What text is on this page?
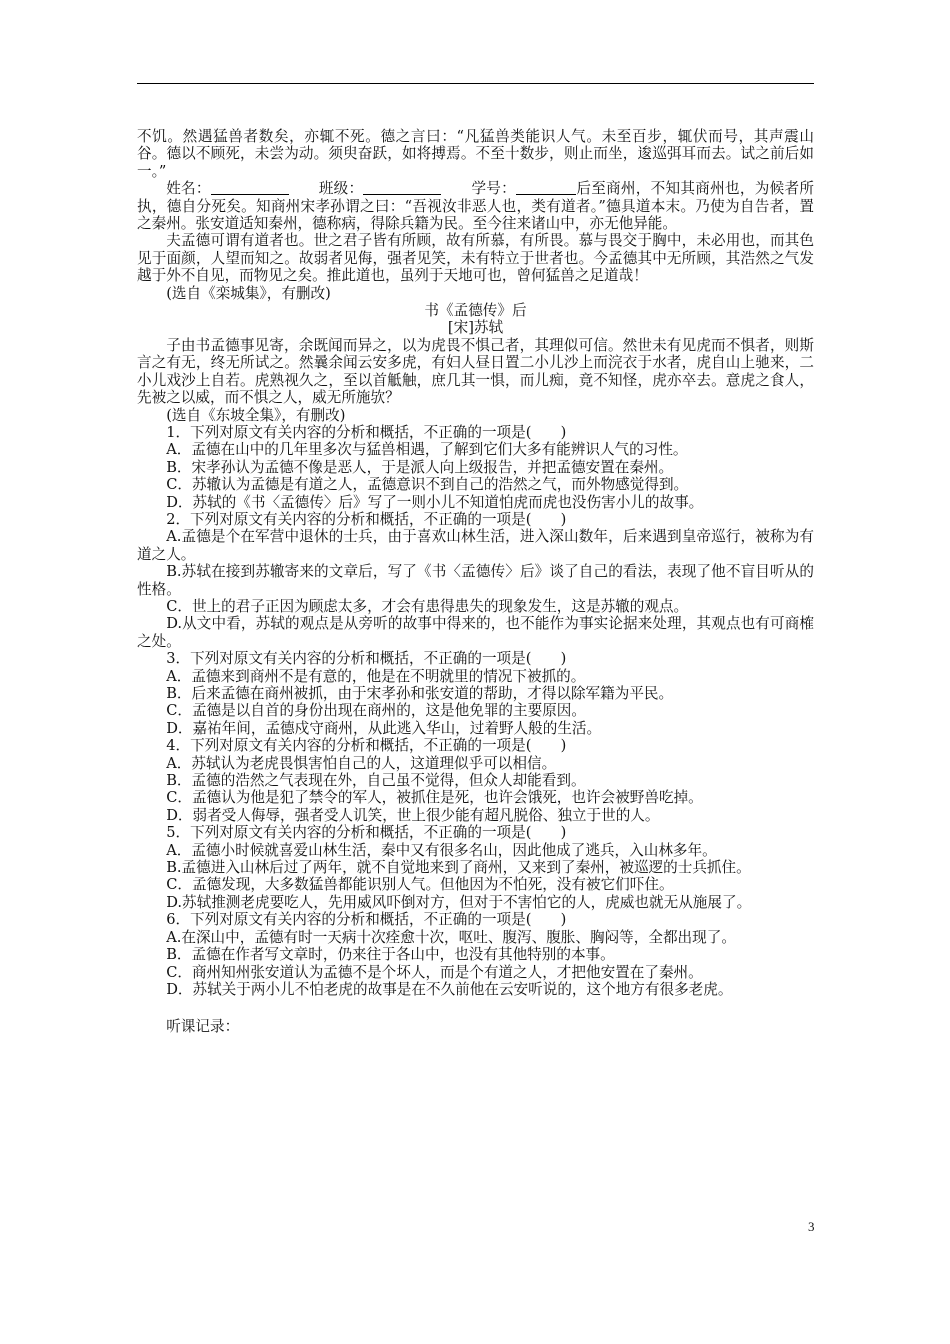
不饥。然遇猛兽者数矣，亦辄不死。德之言曰：“凡猛兽类能识人气。未至百步，辄伏而号，其声震山谷。德以不顾死，未尝为动。须臾奋跃，如将搏焉。不至十数步，则止而坐，逡巡弭耳而去。试之前后如一。”

姓名：　　	班级：　　	学号：	后至商州，不知其商州也，为候者所执，德自分死矣。知商州宋孝孙谓之曰：“吾视汝非恶人也，类有道者。”德具道本末。乃使为自告者，置之秦州。张安道适知秦州，德称病，得除兵籍为民。至今往来诸山中，亦无他异能。

夫孟德可谓有道者也。世之君子皆有所顾，故有所慕，有所畏。慕与畏交于胸中，未必用也，而其色见于面颜，人望而知之。故弱者见侮，强者见笑，未有特立于世者也。今孟德其中无所顾，其浩然之气发越于外不自见，而物见之矣。推此道也，虽列于天地可也，曾何猛兽之足道哉！

(选自《栾城集》，有删改)

书《孟德传》后

[宋]苏轼

子由书孟德事见寄，余既闻而异之，以为虎畏不惧己者，其理似可信。然世未有见虎而不惧者，则斯言之有无，终无所试之。然曩余闻云安多虎，有妇人昼日置二小儿沙上而浣衣于水者，虎自山上驰来，二小儿戏沙上自若。虎熟视久之，至以首觝触，庶几其一惧，而儿痴，竟不知怪，虎亦卒去。意虎之食人，先被之以威，而不惧之人，威无所施欤？

(选自《东坡全集》，有删改)

1．下列对原文有关内容的分析和概括，不正确的一项是(　　)

A．孟德在山中的几年里多次与猛兽相遇，了解到它们大多有能辨识人气的习性。

B．宋孝孙认为孟德不像是恶人，于是派人向上级报告，并把孟德安置在秦州。

C．苏辙认为孟德是有道之人，孟德意识不到自己的浩然之气，而外物感觉得到。

D．苏轼的《书〈孟德传〉后》写了一则小儿不知道怕虎而虎也没伤害小儿的故事。

2．下列对原文有关内容的分析和概括，不正确的一项是(　　)

A.孟德是个在军营中退休的士兵，由于喜欢山林生活，进入深山数年，后来遇到皇帝巡行，被称为有道之人。

B.苏轼在接到苏辙寄来的文章后，写了《书〈孟德传〉后》谈了自己的看法，表现了他不盲目听从的性格。

C．世上的君子正因为顾虑太多，才会有患得患失的现象发生，这是苏辙的观点。

D.从文中看，苏轼的观点是从旁听的故事中得来的，也不能作为事实论据来处理，其观点也有可商榷之处。

3．下列对原文有关内容的分析和概括，不正确的一项是(　　)

A．孟德来到商州不是有意的，他是在不明就里的情况下被抓的。

B．后来孟德在商州被抓，由于宋孝孙和张安道的帮助，才得以除军籍为平民。

C．孟德是以自首的身份出现在商州的，这是他免罪的主要原因。

D．嘉祐年间，孟德戍守商州，从此逃入华山，过着野人般的生活。

4．下列对原文有关内容的分析和概括，不正确的一项是(　　)

A．苏轼认为老虎畏惧害怕自己的人，这道理似乎可以相信。

B．孟德的浩然之气表现在外，自己虽不觉得，但众人却能看到。

C．孟德认为他是犯了禁令的军人，被抓住是死，也许会饿死，也许会被野兽吃掉。

D．弱者受人侮辱，强者受人讥笑，世上很少能有超凡脱俗、独立于世的人。

5．下列对原文有关内容的分析和概括，不正确的一项是(　　)

A．孟德小时候就喜爱山林生活，秦中又有很多名山，因此他成了逃兵，入山林多年。

B.孟德进入山林后过了两年，就不自觉地来到了商州，又来到了秦州，被巡逻的士兵抓住。

C．孟德发现，大多数猛兽都能识别人气。但他因为不怕死，没有被它们吓住。

D.苏轼推测老虎要吃人，先用威风吓倒对方，但对于不害怕它的人，虎威也就无从施展了。

6．下列对原文有关内容的分析和概括，不正确的一项是(　　)

A.在深山中，孟德有时一天病十次痊愈十次，呕吐、腹泻、腹胀、胸闷等，全都出现了。

B．孟德在作者写文章时，仍来往于各山中，也没有其他特别的本事。

C．商州知州张安道认为孟德不是个坏人，而是个有道之人，才把他安置在了秦州。

D．苏轼关于两小儿不怕老虎的故事是在不久前他在云安听说的，这个地方有很多老虎。

听课记录：

3
